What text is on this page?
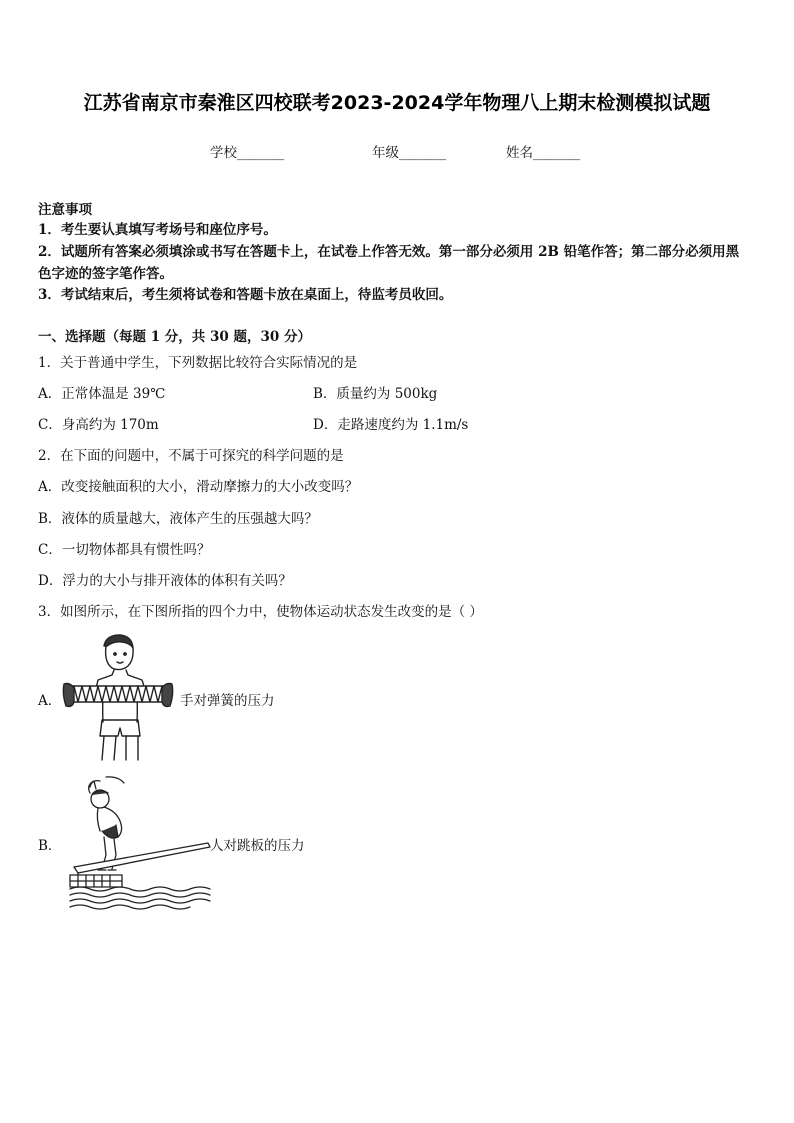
江苏省南京市秦淮区四校联考2023-2024学年物理八上期末检测模拟试题
学校_______	年级_______	姓名_______
注意事项
1．考生要认真填写考场号和座位序号。
2．试题所有答案必须填涂或书写在答题卡上，在试卷上作答无效。第一部分必须用 2B 铅笔作答；第二部分必须用黑
色字迹的签字笔作答。
3．考试结束后，考生须将试卷和答题卡放在桌面上，待监考员收回。
一、选择题（每题 1 分，共 30 题，30 分）
1．关于普通中学生，下列数据比较符合实际情况的是
A．正常体温是 39℃	B．质量约为 500kg
C．身高约为 170m	D．走路速度约为 1.1m/s
2．在下面的问题中，不属于可探究的科学问题的是
A．改变接触面积的大小，滑动摩擦力的大小改变吗？
B．液体的质量越大，液体产生的压强越大吗？
C．一切物体都具有惯性吗？
D．浮力的大小与排开液体的体积有关吗？
3．如图所示，在下图所指的四个力中，使物体运动状态发生改变的是（ ）
A．	手对弹簧的压力
B．	人对跳板的压力
